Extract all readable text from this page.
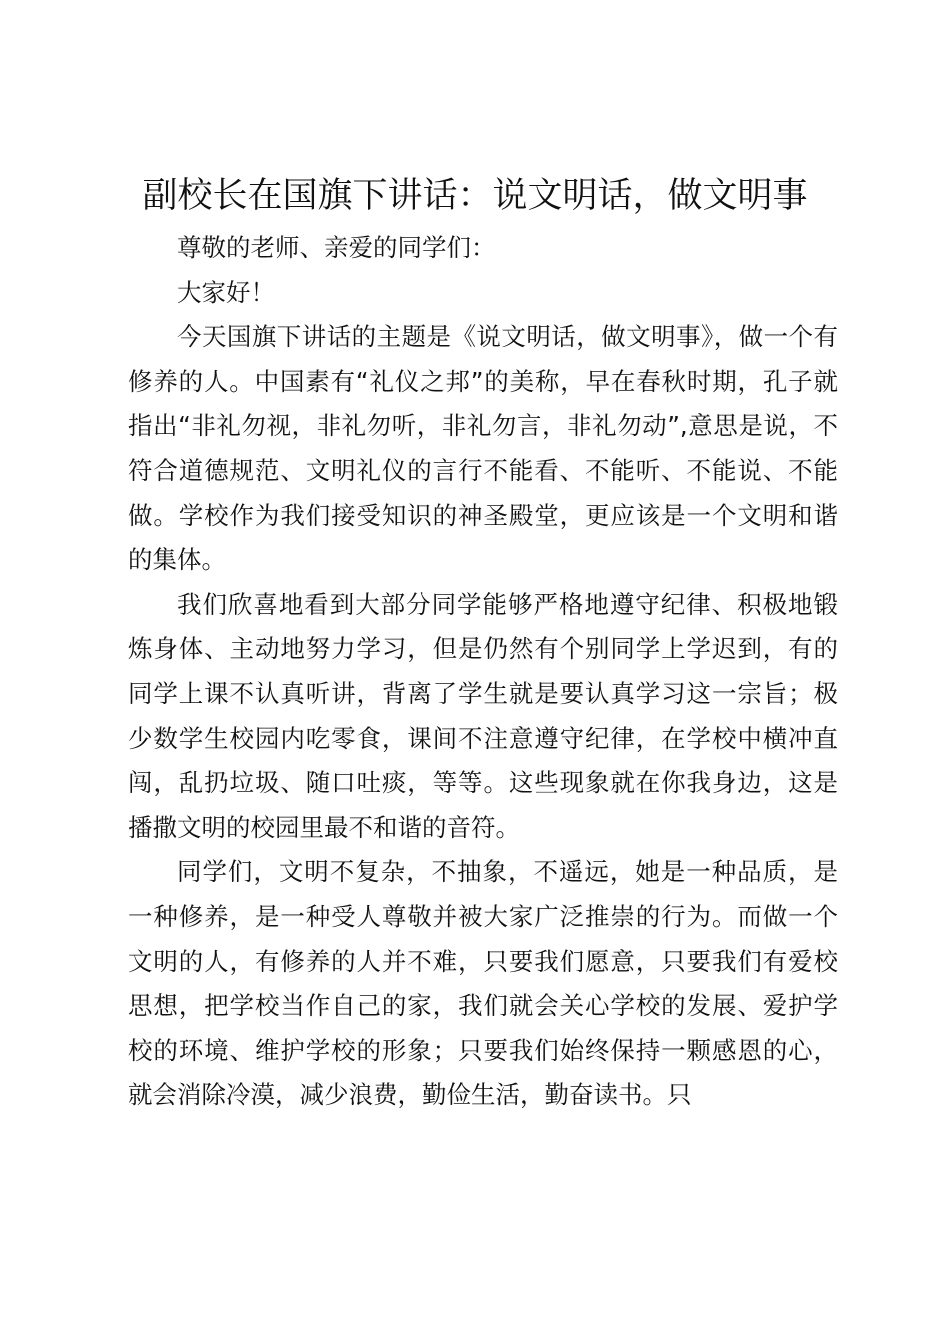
副校长在国旗下讲话：说文明话，做文明事

尊敬的老师、亲爱的同学们：

大家好！

今天国旗下讲话的主题是《说文明话，做文明事》，做一个有修养的人。中国素有“礼仪之邦”的美称，早在春秋时期，孔子就指出“非礼勿视，非礼勿听，非礼勿言，非礼勿动”,意思是说，不符合道德规范、文明礼仪的言行不能看、不能听、不能说、不能做。学校作为我们接受知识的神圣殿堂，更应该是一个文明和谐的集体。

我们欣喜地看到大部分同学能够严格地遵守纪律、积极地锻炼身体、主动地努力学习，但是仍然有个别同学上学迟到，有的同学上课不认真听讲，背离了学生就是要认真学习这一宗旨；极少数学生校园内吃零食，课间不注意遵守纪律，在学校中横冲直闯，乱扔垃圾、随口吐痰，等等。这些现象就在你我身边，这是播撒文明的校园里最不和谐的音符。

同学们，文明不复杂，不抽象，不遥远，她是一种品质，是一种修养，是一种受人尊敬并被大家广泛推崇的行为。而做一个文明的人，有修养的人并不难，只要我们愿意，只要我们有爱校思想，把学校当作自己的家，我们就会关心学校的发展、爱护学校的环境、维护学校的形象；只要我们始终保持一颗感恩的心，就会消除冷漠，减少浪费，勤俭生活，勤奋读书。只
